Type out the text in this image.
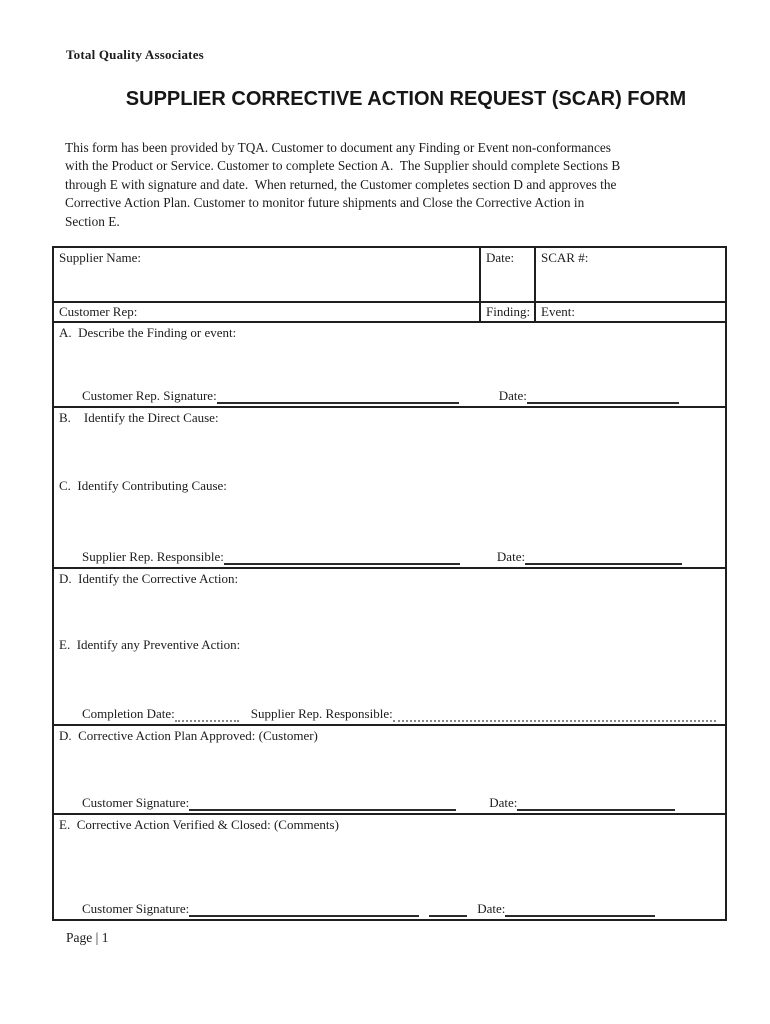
Total Quality Associates
SUPPLIER CORRECTIVE ACTION REQUEST (SCAR) FORM
This form has been provided by TQA. Customer to document any Finding or Event non-conformances
with the Product or Service. Customer to complete Section A.  The Supplier should complete Sections B
through E with signature and date.  When returned, the Customer completes section D and approves the
Corrective Action Plan. Customer to monitor future shipments and Close the Corrective Action in
Section E.
Supplier Name:	Date:	SCAR #:
Customer Rep:	Finding:	Event:

A.  Describe the Finding or event:
Customer Rep. Signature: Date:		

B.    Identify the Direct Cause:
C.  Identify Contributing Cause:
Supplier Rep. Responsible: Date:		

D.  Identify the Corrective Action:
E.  Identify any Preventive Action:
Completion Date: Supplier Rep. Responsible:		

D.  Corrective Action Plan Approved: (Customer)
Customer Signature: Date:		

E.  Corrective Action Verified & Closed: (Comments)
Customer Signature: Date:		
Page | 1
